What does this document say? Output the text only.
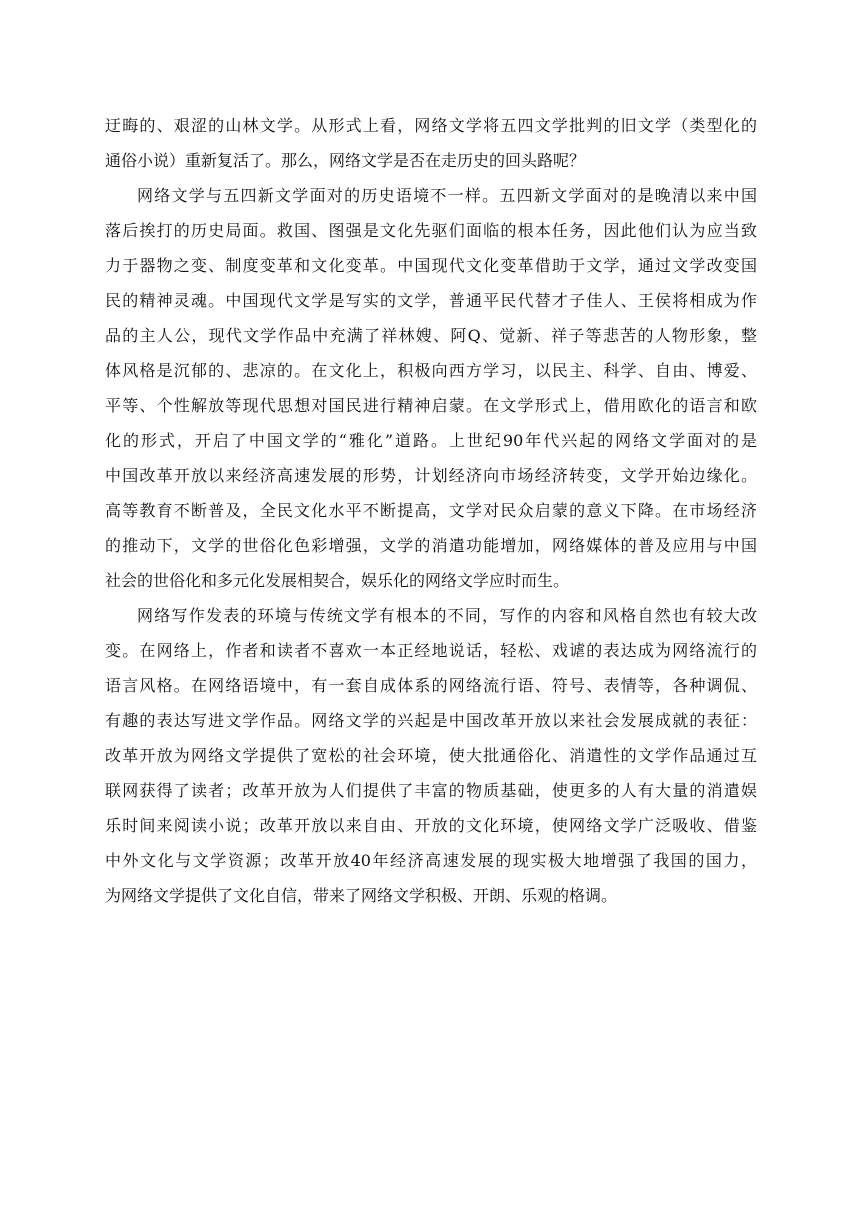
迂晦的、艰涩的山林文学。从形式上看，网络文学将五四文学批判的旧文学（类型化的
通俗小说）重新复活了。那么，网络文学是否在走历史的回头路呢？
网络文学与五四新文学面对的历史语境不一样。五四新文学面对的是晚清以来中国
落后挨打的历史局面。救国、图强是文化先驱们面临的根本任务，因此他们认为应当致
力于器物之变、制度变革和文化变革。中国现代文化变革借助于文学，通过文学改变国
民的精神灵魂。中国现代文学是写实的文学，普通平民代替才子佳人、王侯将相成为作
品的主人公，现代文学作品中充满了祥林嫂、阿Q、觉新、祥子等悲苦的人物形象，整
体风格是沉郁的、悲凉的。在文化上，积极向西方学习，以民主、科学、自由、博爱、
平等、个性解放等现代思想对国民进行精神启蒙。在文学形式上，借用欧化的语言和欧
化的形式，开启了中国文学的“雅化”道路。上世纪90年代兴起的网络文学面对的是
中国改革开放以来经济高速发展的形势，计划经济向市场经济转变，文学开始边缘化。
高等教育不断普及，全民文化水平不断提高，文学对民众启蒙的意义下降。在市场经济
的推动下，文学的世俗化色彩增强，文学的消遣功能增加，网络媒体的普及应用与中国
社会的世俗化和多元化发展相契合，娱乐化的网络文学应时而生。
网络写作发表的环境与传统文学有根本的不同，写作的内容和风格自然也有较大改
变。在网络上，作者和读者不喜欢一本正经地说话，轻松、戏谑的表达成为网络流行的
语言风格。在网络语境中，有一套自成体系的网络流行语、符号、表情等，各种调侃、
有趣的表达写进文学作品。网络文学的兴起是中国改革开放以来社会发展成就的表征：
改革开放为网络文学提供了宽松的社会环境，使大批通俗化、消遣性的文学作品通过互
联网获得了读者；改革开放为人们提供了丰富的物质基础，使更多的人有大量的消遣娱
乐时间来阅读小说；改革开放以来自由、开放的文化环境，使网络文学广泛吸收、借鉴
中外文化与文学资源；改革开放40年经济高速发展的现实极大地增强了我国的国力，
为网络文学提供了文化自信，带来了网络文学积极、开朗、乐观的格调。
